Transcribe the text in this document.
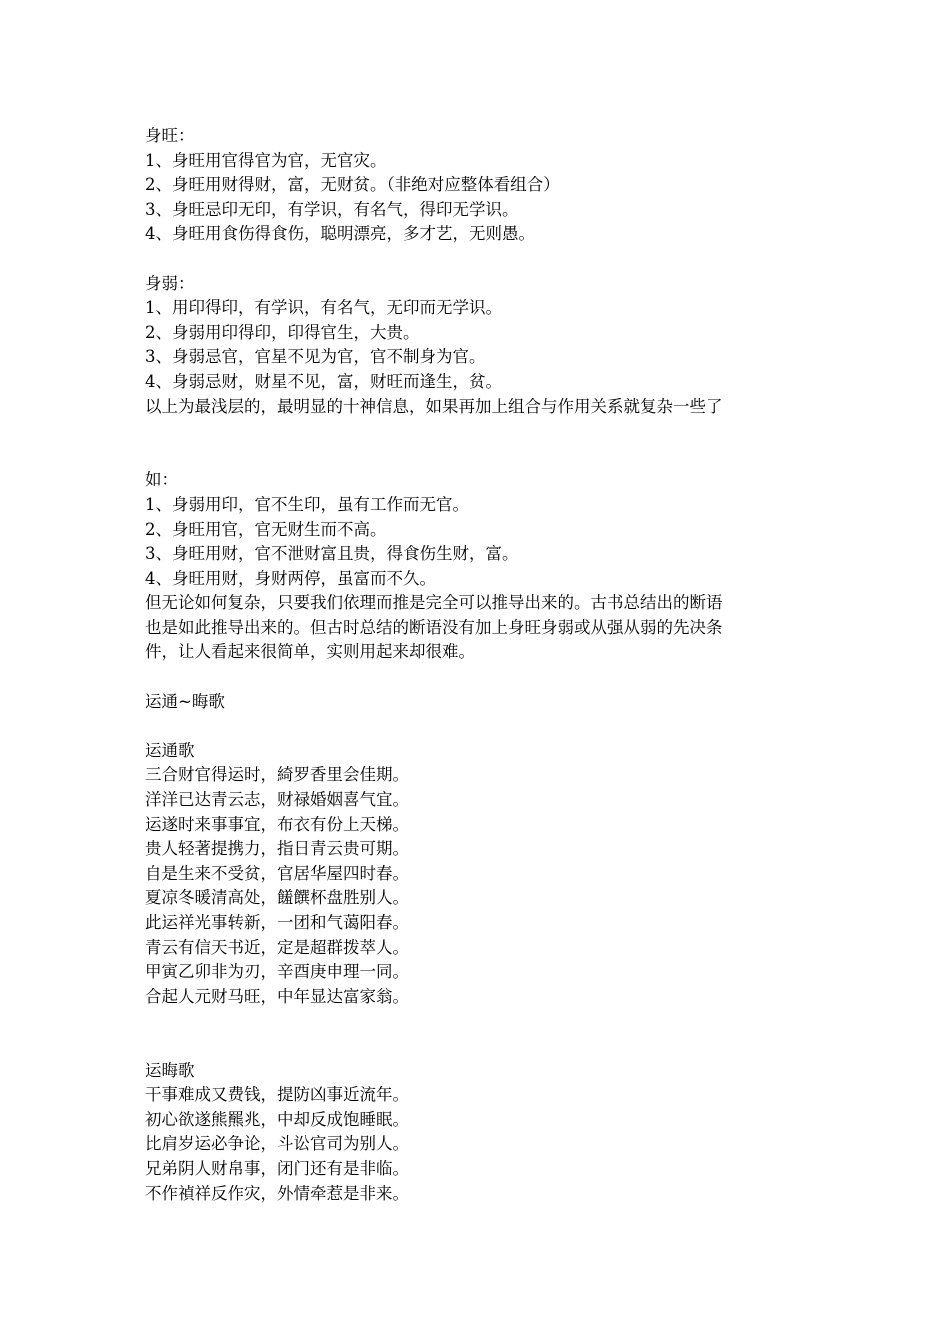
身旺：
1、身旺用官得官为官，无官灾。
2、身旺用财得财，富，无财贫。（非绝对应整体看组合）
3、身旺忌印无印，有学识，有名气，得印无学识。
4、身旺用食伤得食伤，聪明漂亮，多才艺，无则愚。
身弱：
1、用印得印，有学识，有名气，无印而无学识。
2、身弱用印得印，印得官生，大贵。
3、身弱忌官，官星不见为官，官不制身为官。
4、身弱忌财，财星不见，富，财旺而逢生，贫。
以上为最浅层的，最明显的十神信息，如果再加上组合与作用关系就复杂一些了
如：
1、身弱用印，官不生印，虽有工作而无官。
2、身旺用官，官无财生而不高。
3、身旺用财，官不泄财富且贵，得食伤生财，富。
4、身旺用财，身财两停，虽富而不久。
但无论如何复杂，只要我们依理而推是完全可以推导出来的。古书总结出的断语
也是如此推导出来的。但古时总结的断语没有加上身旺身弱或从强从弱的先决条
件，让人看起来很简单，实则用起来却很难。
运通~晦歌
运通歌
三合财官得运时，綺罗香里会佳期。
洋洋已达青云志，财禄婚姻喜气宜。
运遂时来事事宜，布衣有份上天梯。
贵人轻著提携力，指日青云贵可期。
自是生来不受贫，官居华屋四时春。
夏凉冬暖清高处，饈饌杯盘胜别人。
此运祥光事转新，一团和气蔼阳春。
青云有信天书近，定是超群拨萃人。
甲寅乙卯非为刃，辛酉庚申理一同。
合起人元财马旺，中年显达富家翁。
运晦歌
干事难成又费钱，提防凶事近流年。
初心欲遂熊羆兆，中却反成饱睡眠。
比肩岁运必争论，斗讼官司为别人。
兄弟阴人财帛事，闭门还有是非临。
不作禎祥反作灾，外情牵惹是非来。
